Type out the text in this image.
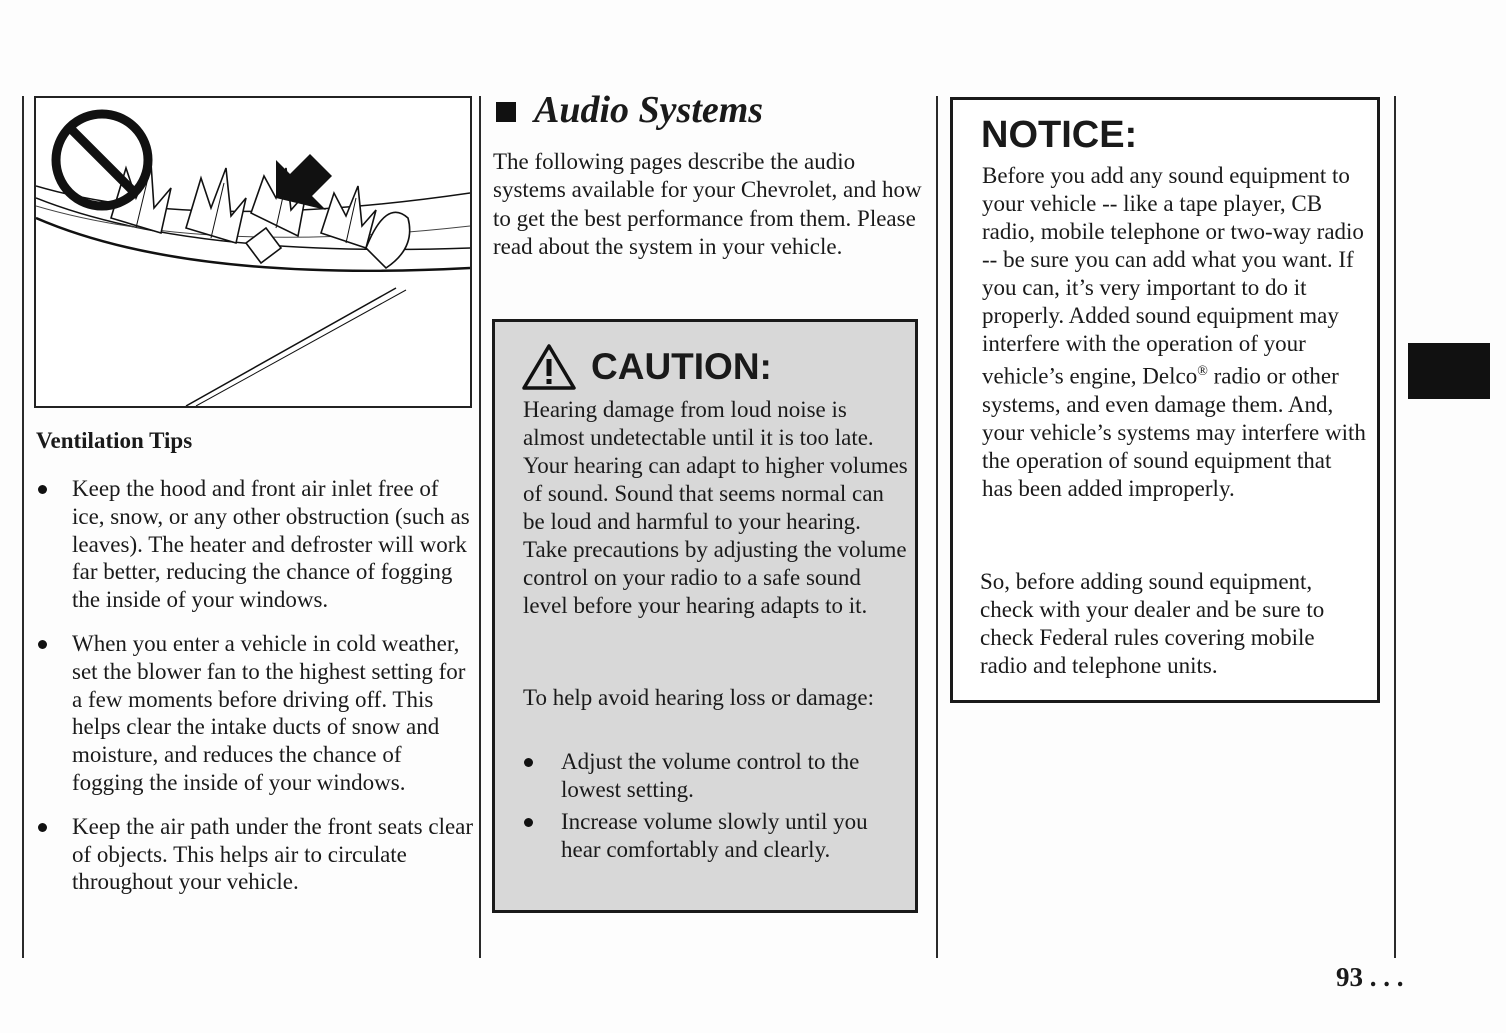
Ventilation Tips
Keep the hood and front air inlet free of ice, snow, or any other obstruction (such as leaves). The heater and defroster will work far better, reducing the chance of fogging the inside of your windows.
When you enter a vehicle in cold weather, set the blower fan to the highest setting for a few moments before driving off. This helps clear the intake ducts of snow and moisture, and reduces the chance of fogging the inside of your windows.
Keep the air path under the front seats clear of objects. This helps air to circulate throughout your vehicle.
Audio Systems

The following pages describe the audio systems available for your Chevrolet, and how to get the best performance from them. Please read about the system in your vehicle.

CAUTION:

Hearing damage from loud noise is almost undetectable until it is too late. Your hearing can adapt to higher volumes of sound. Sound that seems normal can be loud and harmful to your hearing. Take precautions by adjusting the volume control on your radio to a safe sound level before your hearing adapts to it.

To help avoid hearing loss or damage:

Adjust the volume control to the lowest setting.
Increase volume slowly until you hear comfortably and clearly.
NOTICE:

Before you add any sound equipment to your vehicle -- like a tape player, CB radio, mobile telephone or two-way radio -- be sure you can add what you want. If you can, it’s very important to do it properly. Added sound equipment may interfere with the operation of your vehicle’s engine, Delco® radio or other systems, and even damage them. And, your vehicle’s systems may interfere with the operation of sound equipment that has been added improperly.

So, before adding sound equipment, check with your dealer and be sure to check Federal rules covering mobile radio and telephone units.

93 . . .
